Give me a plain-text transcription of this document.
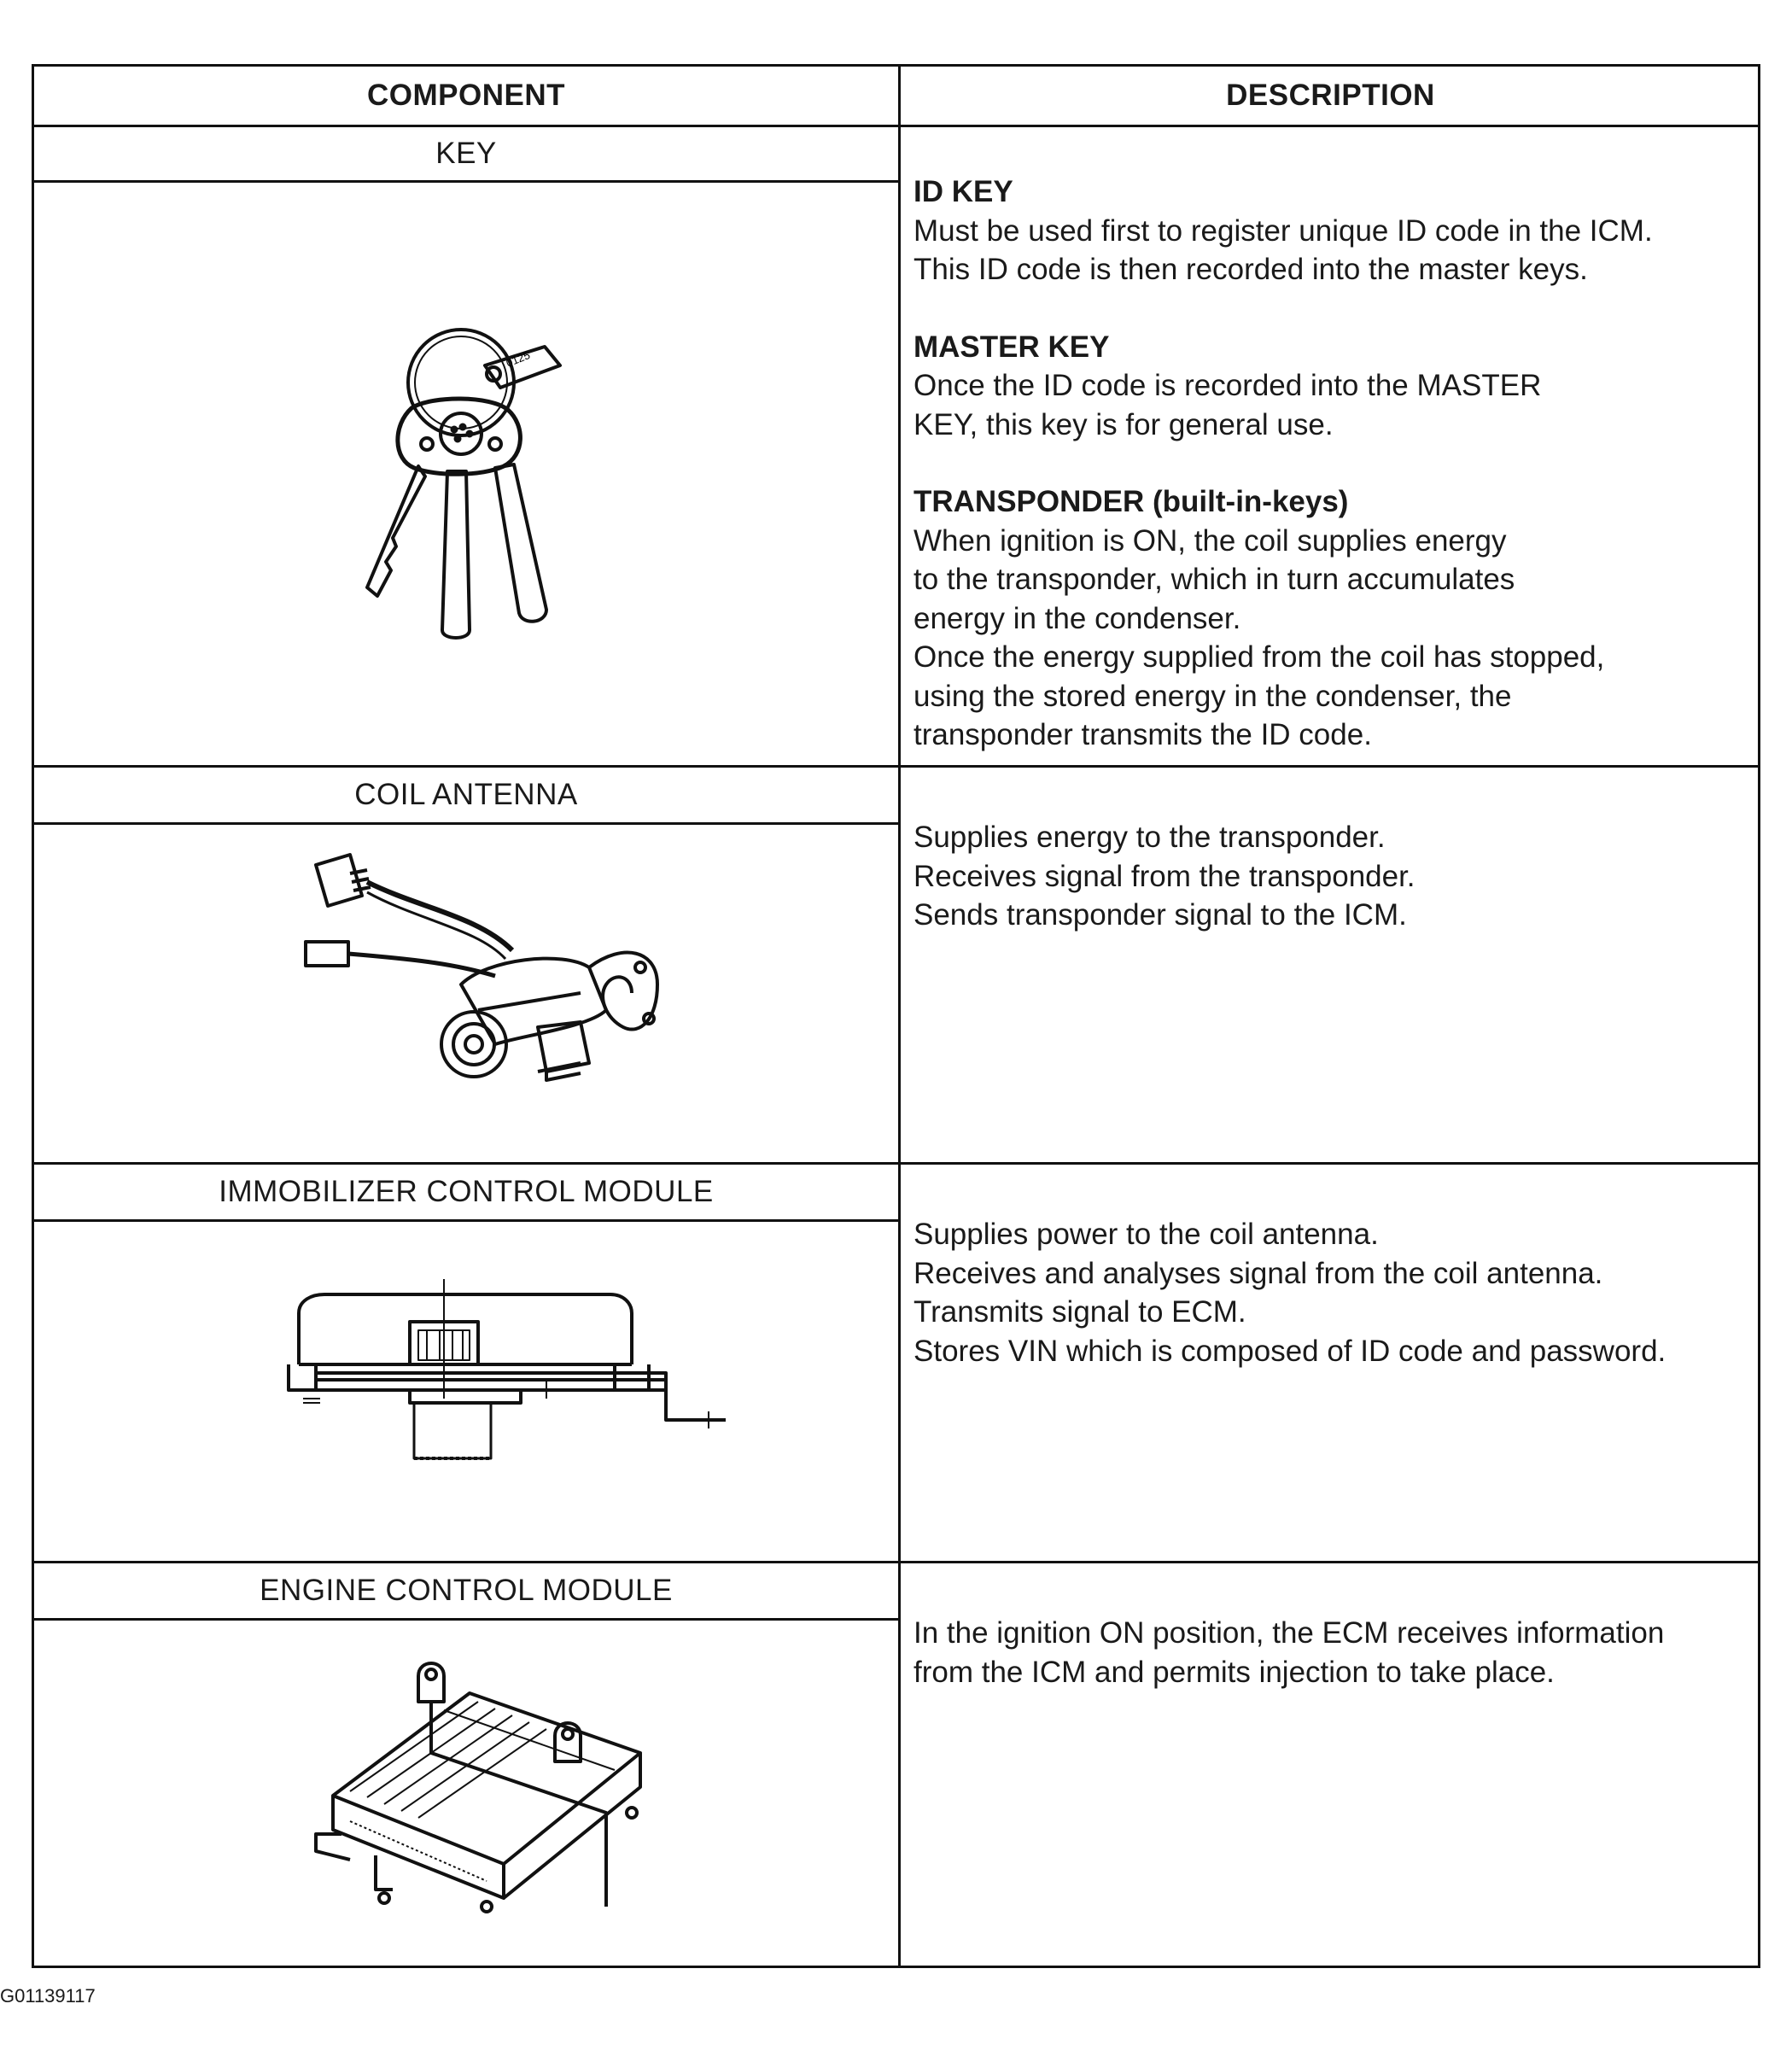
COMPONENT	DESCRIPTION
KEY
0125
ID KEY
Must be used first to register unique ID code in the ICM.
This ID code is then recorded into the master keys.
MASTER KEY
Once the ID code is recorded into the MASTER
KEY, this key is for general use.
TRANSPONDER (built-in-keys)
When ignition is ON, the coil supplies energy
to the transponder, which in turn accumulates
energy in the condenser.
Once the energy supplied from the coil has stopped,
using the stored energy in the condenser, the
transponder transmits the ID code.
COIL ANTENNA
Supplies energy to the transponder.
Receives signal from the transponder.
Sends transponder signal to the ICM.
IMMOBILIZER CONTROL MODULE
Supplies power to the coil antenna.
Receives and analyses signal from the coil antenna.
Transmits signal to ECM.
Stores VIN which is composed of ID code and password.
ENGINE CONTROL MODULE
In the ignition ON position, the ECM receives information
from the ICM and permits injection to take place.
G01139117
